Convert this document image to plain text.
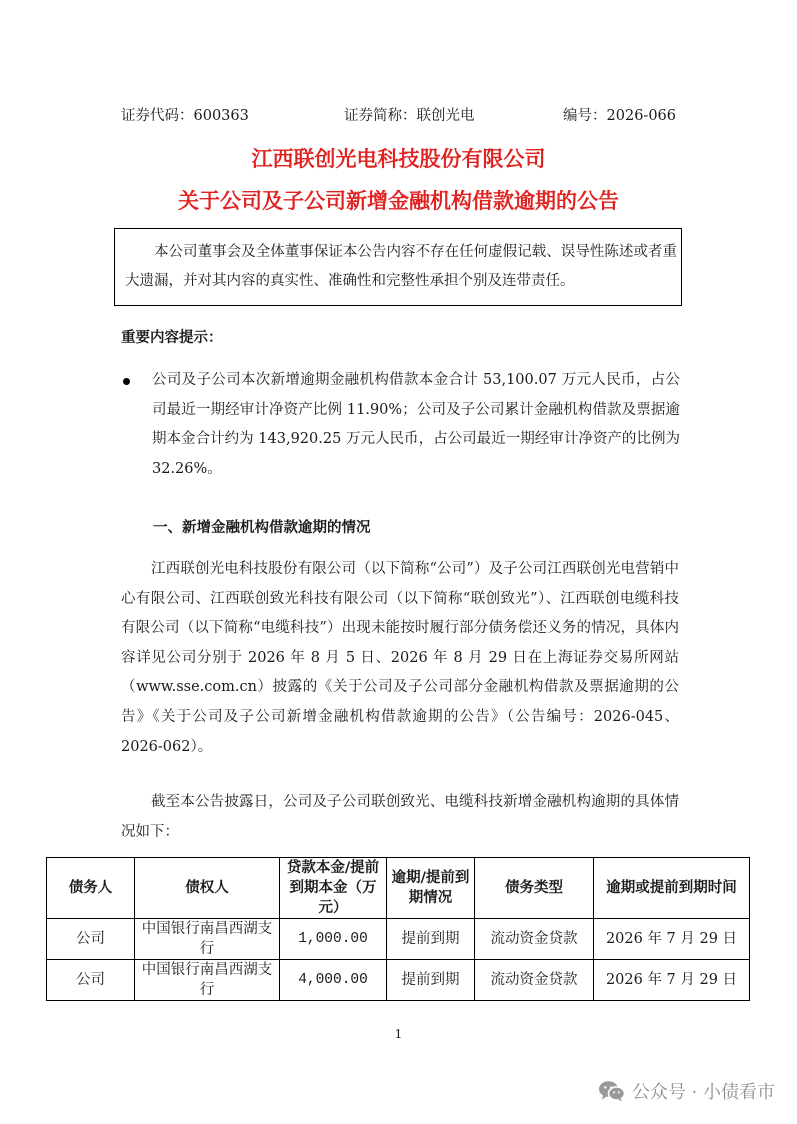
证券代码：600363	证券简称：联创光电	编号：2026-066
江西联创光电科技股份有限公司
关于公司及子公司新增金融机构借款逾期的公告
本公司董事会及全体董事保证本公告内容不存在任何虚假记载、误导性陈述或者重大遗漏，并对其内容的真实性、准确性和完整性承担个别及连带责任。
重要内容提示：
公司及子公司本次新增逾期金融机构借款本金合计 53,100.07 万元人民币，占公司最近一期经审计净资产比例 11.90%；公司及子公司累计金融机构借款及票据逾期本金合计约为 143,920.25 万元人民币，占公司最近一期经审计净资产的比例为 32.26%。
一、新增金融机构借款逾期的情况
江西联创光电科技股份有限公司（以下简称“公司”）及子公司江西联创光电营销中心有限公司、江西联创致光科技有限公司（以下简称“联创致光”）、江西联创电缆科技有限公司（以下简称“电缆科技”）出现未能按时履行部分债务偿还义务的情况，具体内容详见公司分别于 2026 年 8 月 5 日、2026 年 8 月 29 日在上海证券交易所网站（www.sse.com.cn）披露的《关于公司及子公司部分金融机构借款及票据逾期的公告》《关于公司及子公司新增金融机构借款逾期的公告》（公告编号：2026-045、2026-062）。
截至本公告披露日，公司及子公司联创致光、电缆科技新增金融机构逾期的具体情况如下：
债务人	债权人	贷款本金/提前到期本金（万元）	逾期/提前到期情况	债务类型	逾期或提前到期时间
公司	中国银行南昌西湖支行	1,000.00	提前到期	流动资金贷款	2026 年 7 月 29 日
公司	中国银行南昌西湖支行	4,000.00	提前到期	流动资金贷款	2026 年 7 月 29 日
1
公众号 · 小债看市
